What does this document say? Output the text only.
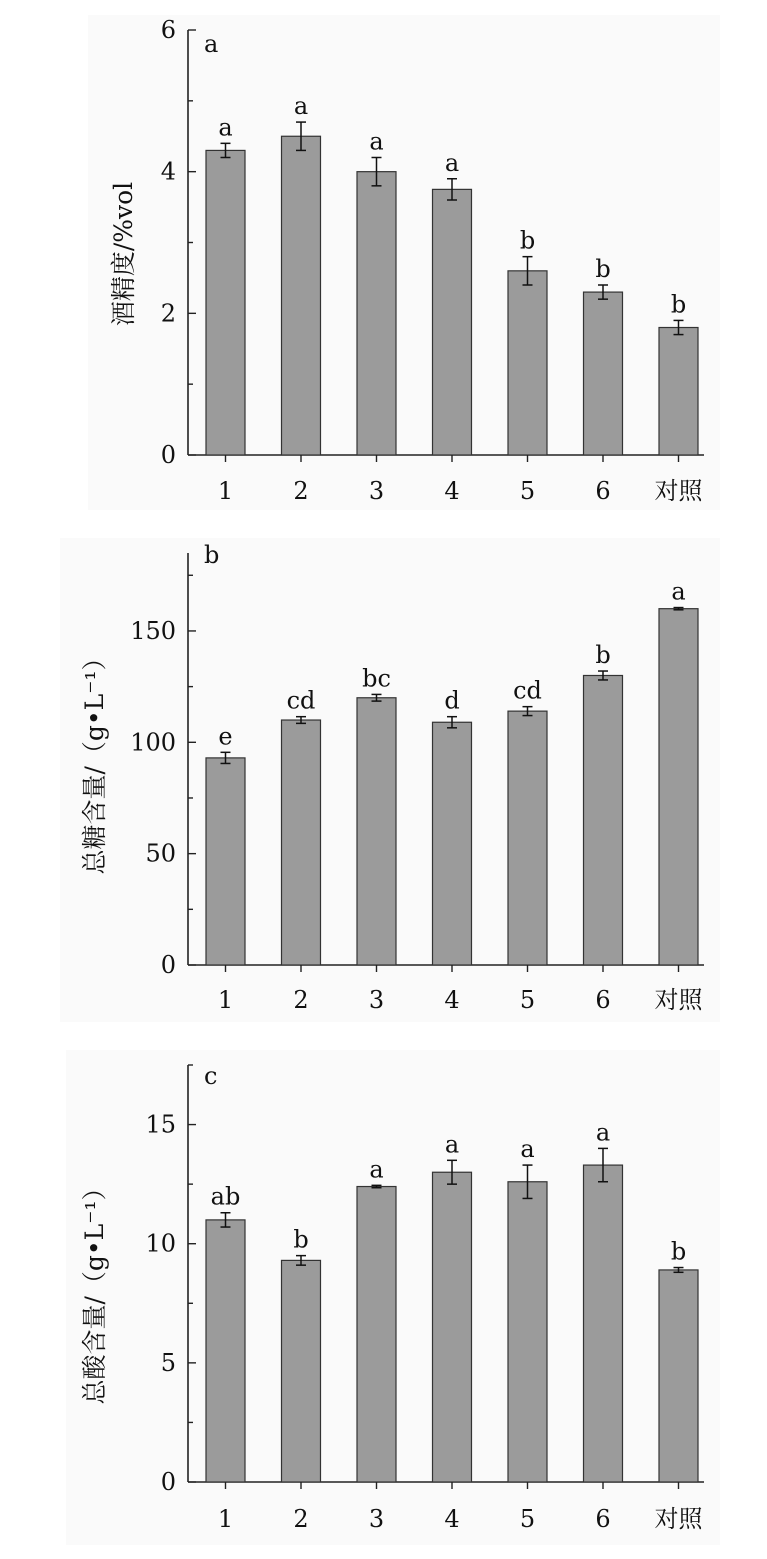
a
酒精度/%vol
0
2
4
6
a
1
a
2
a
3
a
4
b
5
b
6
b
对照
b
总糖含量/（g•L⁻¹）
0
50
100
150
e
1
cd
2
bc
3
d
4
cd
5
b
6
a
对照
c
总酸含量/（g•L⁻¹）
0
5
10
15
ab
1
b
2
a
3
a
4
a
5
a
6
b
对照
